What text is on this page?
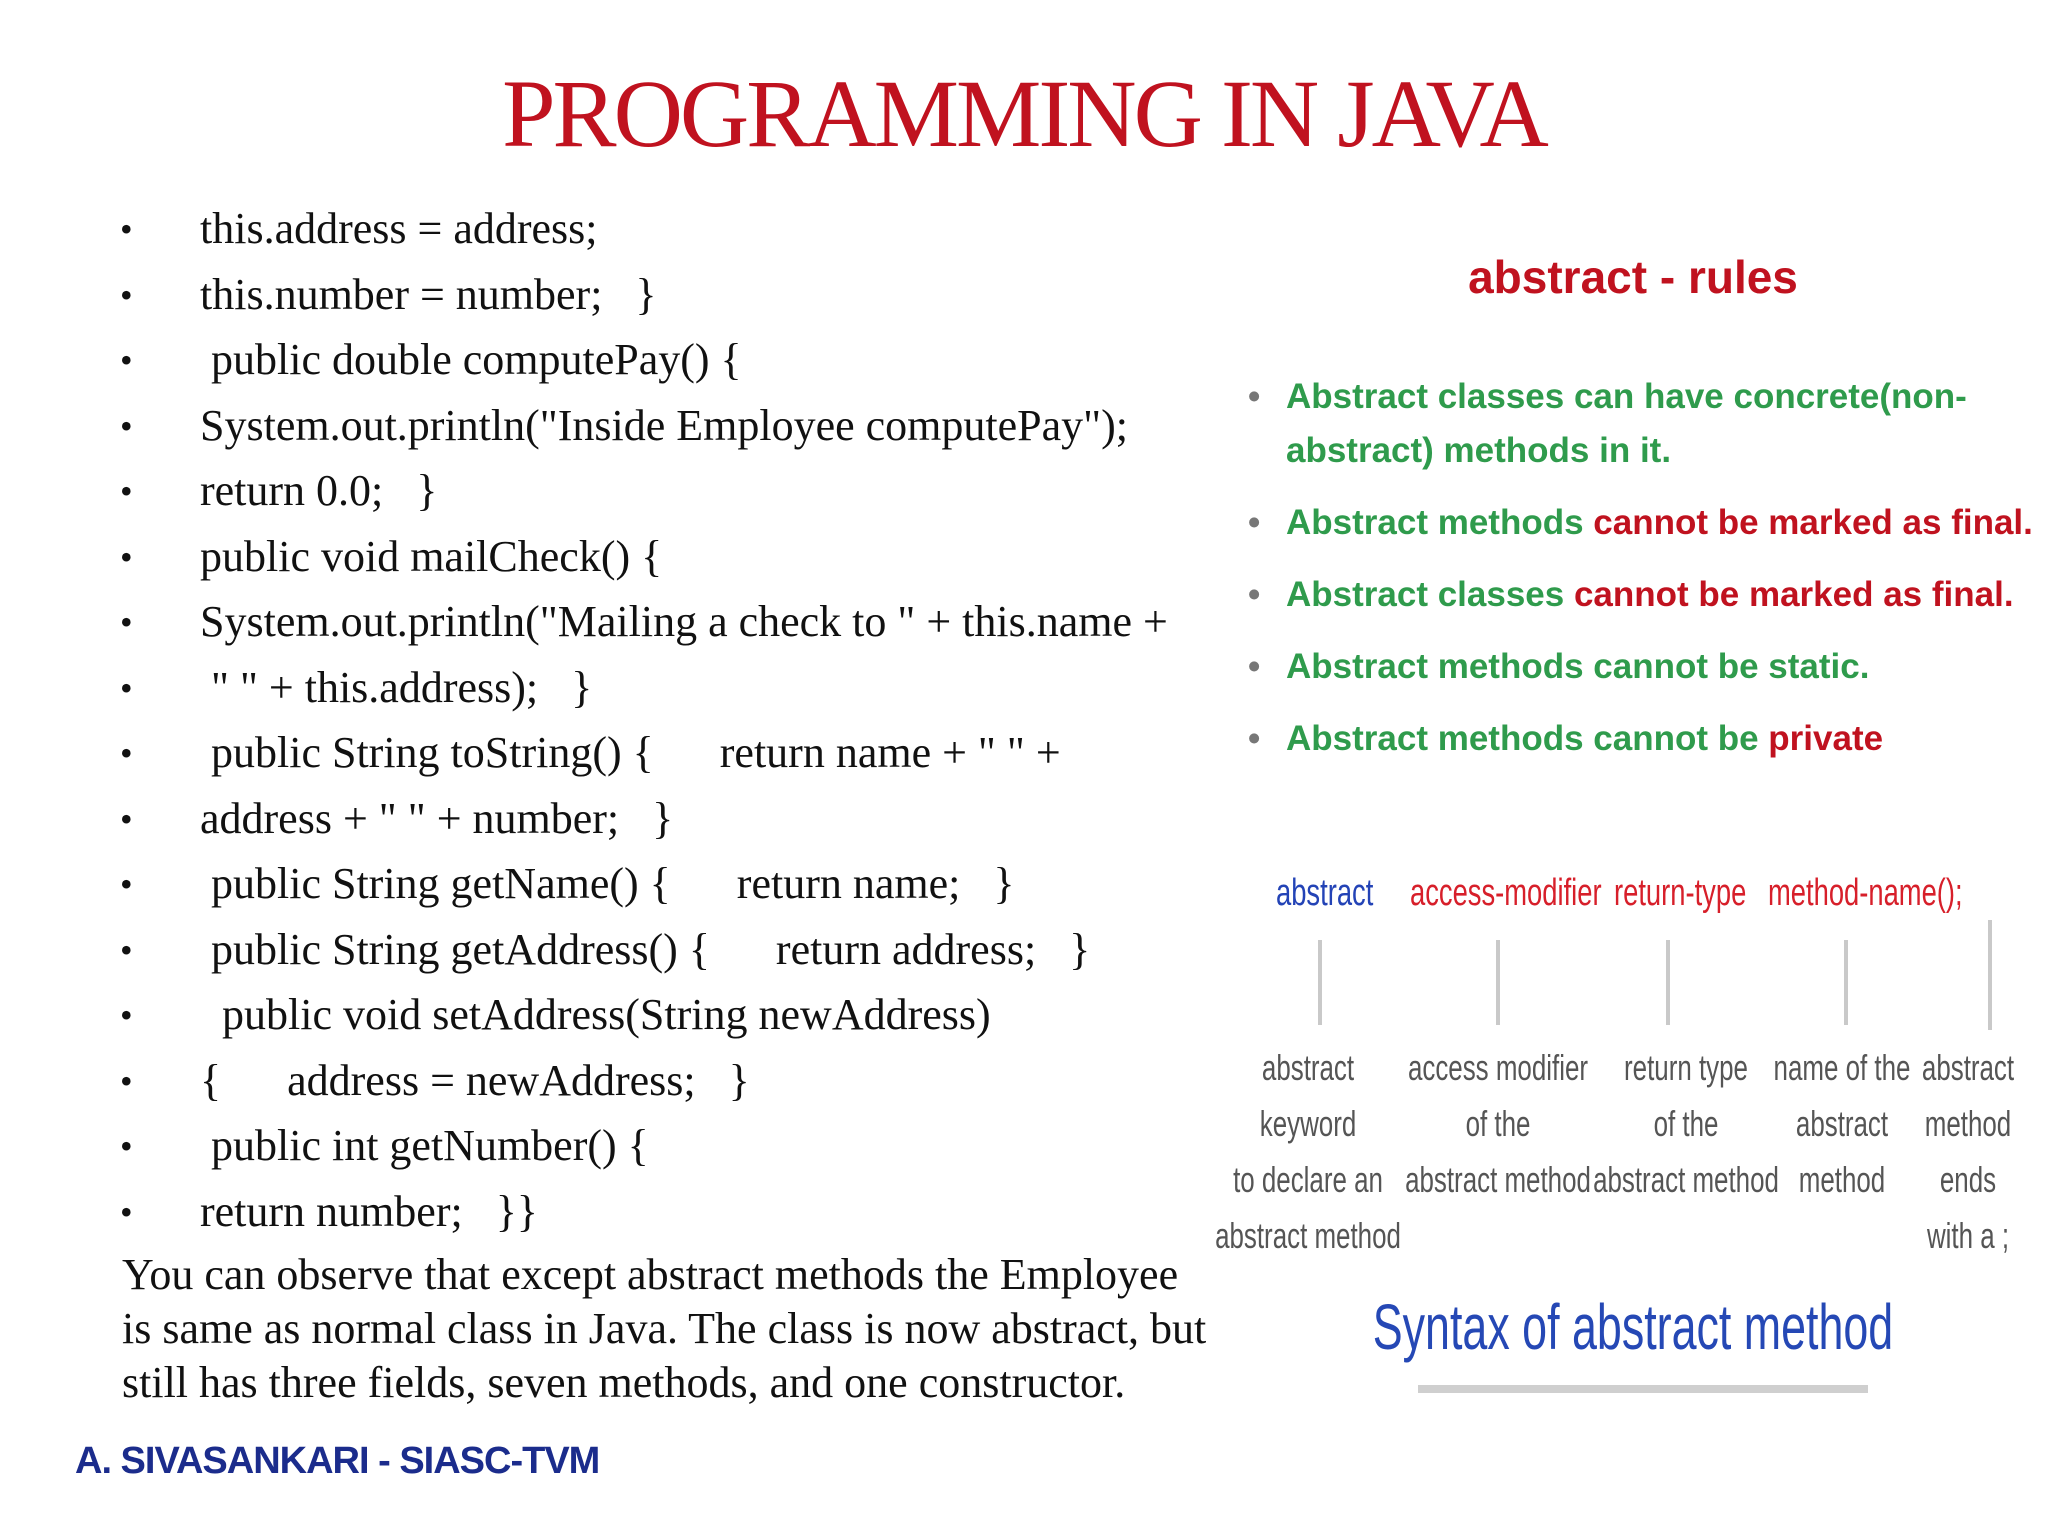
PROGRAMMING IN JAVA
• this.address = address;
• this.number = number;   }
•  public double computePay() {
• System.out.println("Inside Employee computePay");
• return 0.0;   }
• public void mailCheck() {
• System.out.println("Mailing a check to " + this.name +
•  " " + this.address);   }
•  public String toString() {      return name + " " +
• address + " " + number;   }
•  public String getName() {      return name;   }
•  public String getAddress() {      return address;   }
•   public void setAddress(String newAddress)
• {      address = newAddress;   }
•  public int getNumber() {
• return number;   }}
You can observe that except abstract methods the Employee
is same as normal class in Java. The class is now abstract, but
still has three fields, seven methods, and one constructor.
A. SIVASANKARI - SIASC-TVM
abstract - rules
• Abstract classes can have concrete(non-abstract) methods in it.
• Abstract methods cannot be marked as final.
• Abstract classes cannot be marked as final.
• Abstract methods cannot be static.
• Abstract methods cannot be private
abstract access-modifier return-type method-name();
abstract keyword
to declare an
abstract method
access modifier
of the
abstract method
return type
of the
abstract method
name of the
abstract
method
abstract
method ends
with a ;
Syntax of abstract method
